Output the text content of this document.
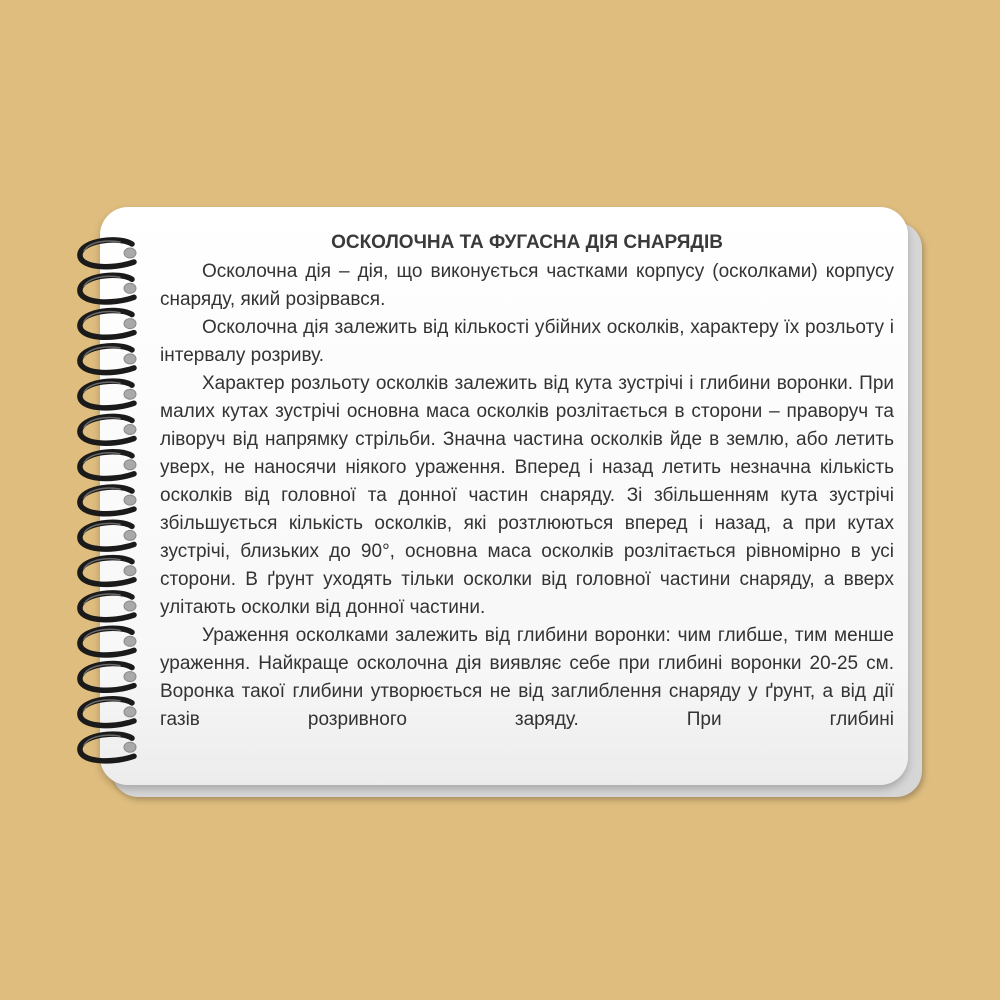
ОСКОЛОЧНА ТА ФУГАСНА ДІЯ СНАРЯДІВ

Осколочна дія – дія, що виконується частками корпусу (осколками) корпусу снаряду, який розірвався.

Осколочна дія залежить від кількості убійних осколків, характеру їх розльоту і інтервалу розриву.

Характер розльоту осколків залежить від кута зустрічі і глибини воронки. При малих кутах зустрічі основна маса осколків розлітається в сторони – праворуч та ліворуч від напрямку стрільби. Значна частина осколків йде в землю, або летить уверх, не наносячи ніякого ураження. Вперед і назад летить незначна кількість осколків від головної та донної частин снаряду. Зі збільшенням кута зустрічі збільшується кількість осколків, які розтлюються вперед і назад, а при кутах зустрічі, близьких до 90°, основна маса осколків розлітається рівномірно в усі сторони. В ґрунт уходять тільки осколки від головної частини снаряду, а вверх улітають осколки від донної частини.

Ураження осколками залежить від глибини воронки: чим глибше, тим менше ураження. Найкраще осколочна дія виявляє себе при глибині воронки 20-25 см. Воронка такої глибини утворюється не від заглиблення снаряду у ґрунт, а від дії газів розривного заряду. При глибині
